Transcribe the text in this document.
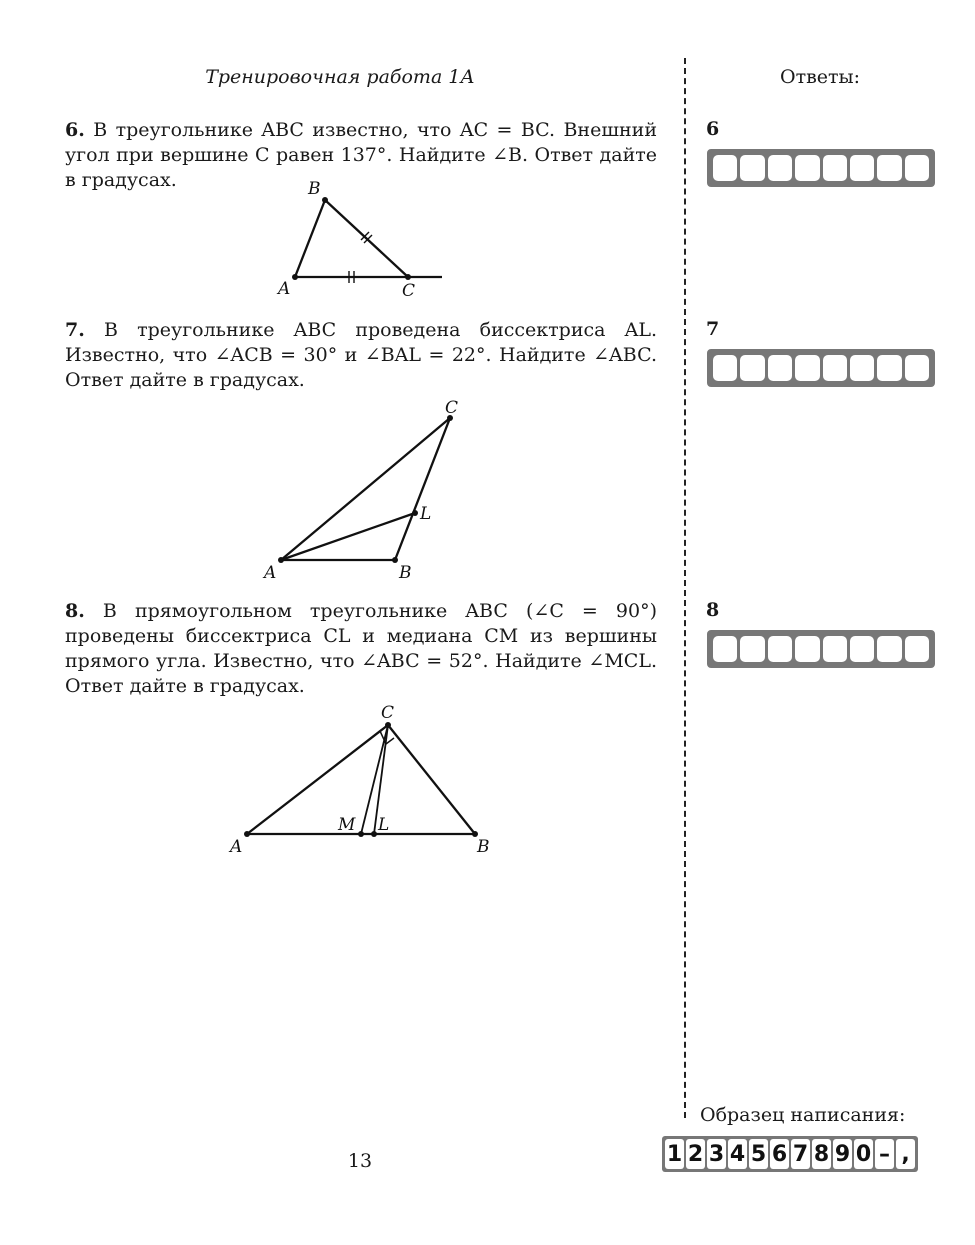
Тренировочная работа 1А	Ответы:
6. В треугольнике ABC известно, что AC = BC. Внешний угол при вершине C равен 137°. Найдите ∠B. Ответ дайте в градусах.	B
A	C
7. В треугольнике ABC проведена биссектриса AL. Известно, что ∠ACB = 30° и ∠BAL = 22°. Найдите ∠ABC. Ответ дайте в градусах.
C
L
A	B
8. В прямоугольном треугольнике ABC (∠C = 90°) проведены биссектриса CL и медиана CM из вершины прямого угла. Известно, что ∠ABC = 52°. Найдите ∠MCL. Ответ дайте в градусах.
C
M L
A	B
6
7
8
Образец написания:
1 2 3 4 5 6 7 8 9 0 – ,
13
